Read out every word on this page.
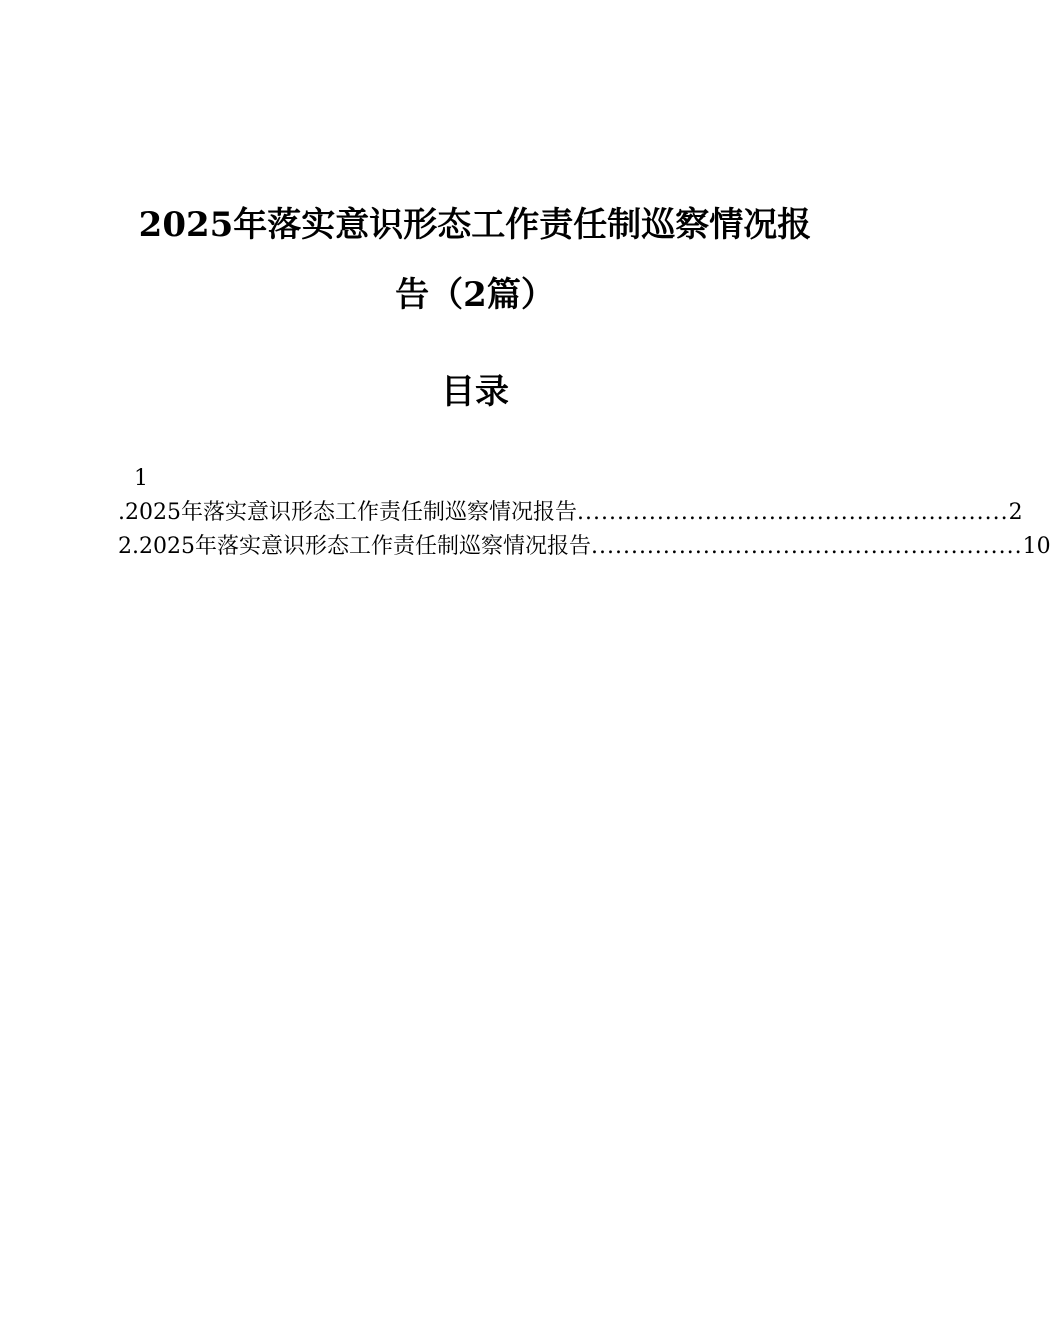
2025年落实意识形态工作责任制巡察情况报
告（2篇）
目录
1
.2025年落实意识形态工作责任制巡察情况报告 ...................................................... 2
2.2025年落实意识形态工作责任制巡察情况报告 ...................................................... 10
